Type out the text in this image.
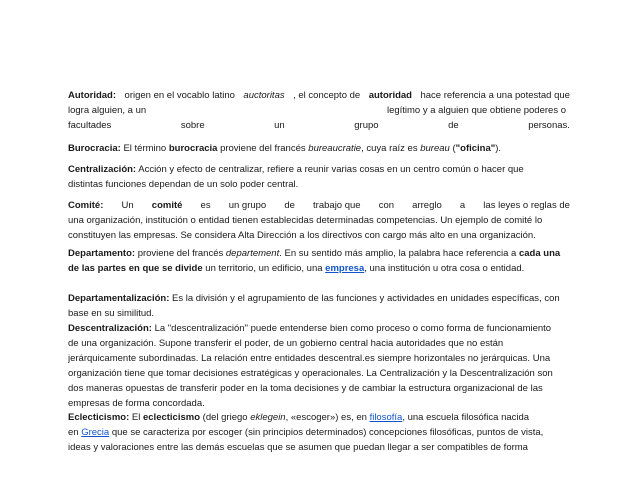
Autoridad: origen en el vocablo latino auctoritas , el concepto de autoridad hace referencia a una potestad que
logra alguien, a un	legítimo y a alguien que obtiene poderes o
facultades	sobre	un	grupo	de	personas.
Burocracia: El término burocracia proviene del francés bureaucratie, cuya raíz es bureau ("oficina").
Centralización: Acción y efecto de centralizar, refiere a reunir varias cosas en un centro común o hacer que
distintas funciones dependan de un solo poder central.
Comité: Un comité es un grupo de trabajo que con arreglo a las leyes o reglas de
una organización, institución o entidad tienen establecidas determinadas competencias. Un ejemplo de comité lo
constituyen las empresas. Se considera Alta Dirección a los directivos con cargo más alto en una organización.
Departamento: proviene del francés departement. En su sentido más amplio, la palabra hace referencia a cada una
de las partes en que se divide un territorio, un edificio, una empresa, una institución u otra cosa o entidad.
Departamentalización: Es la división y el agrupamiento de las funciones y actividades en unidades específicas, con
base en su similitud.
Descentralización: La "descentralización" puede entenderse bien como proceso o como forma de funcionamiento
de una organización. Supone transferir el poder, de un gobierno central hacia autoridades que no están
jerárquicamente subordinadas. La relación entre entidades descentral.es siempre horizontales no jerárquicas. Una
organización tiene que tomar decisiones estratégicas y operacionales. La Centralización y la Descentralización son
dos maneras opuestas de transferir poder en la toma decisiones y de cambiar la estructura organizacional de las
empresas de forma concordada.
Eclecticismo: El eclecticismo (del griego eklegein, «escoger») es, en filosofía, una escuela filosófica nacida
en Grecia que se caracteriza por escoger (sin principios determinados) concepciones filosóficas, puntos de vista,
ideas y valoraciones entre las demás escuelas que se asumen que puedan llegar a ser compatibles de forma
